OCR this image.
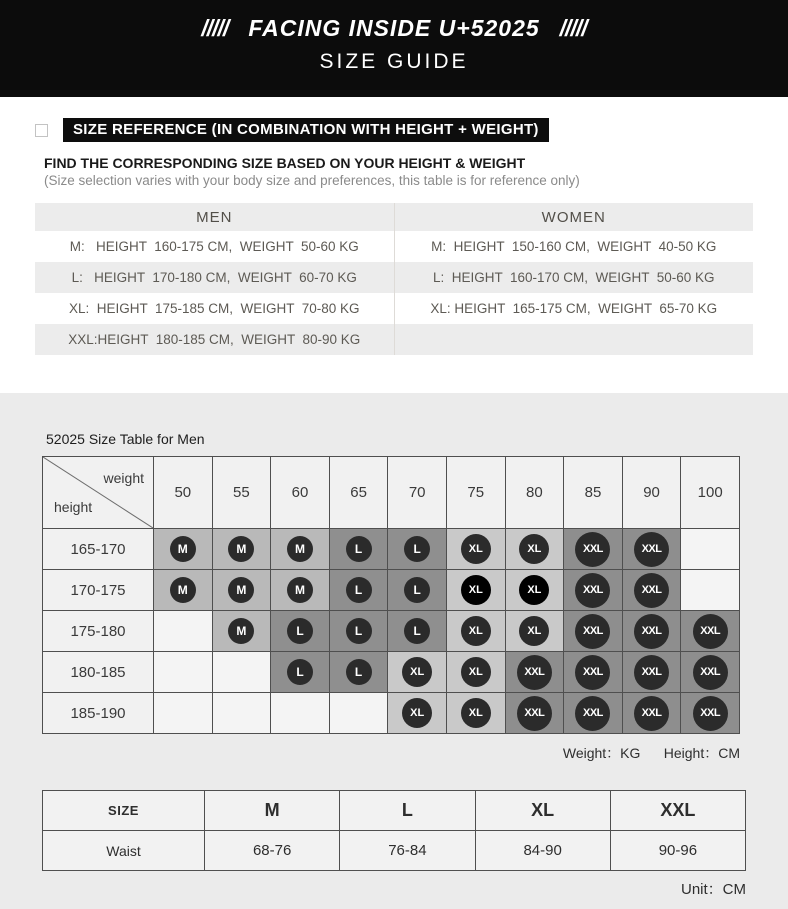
///// FACING INSIDE U+52025 /////
SIZE GUIDE
SIZE REFERENCE (IN COMBINATION WITH HEIGHT + WEIGHT)
FIND THE CORRESPONDING SIZE BASED ON YOUR HEIGHT & WEIGHT
(Size selection varies with your body size and preferences, this table is for reference only)
MEN
M:   HEIGHT  160-175 CM,  WEIGHT  50-60 KG
L:   HEIGHT  170-180 CM,  WEIGHT  60-70 KG
XL:  HEIGHT  175-185 CM,  WEIGHT  70-80 KG
XXL:HEIGHT  180-185 CM,  WEIGHT  80-90 KG
WOMEN
M:  HEIGHT  150-160 CM,  WEIGHT  40-50 KG
L:  HEIGHT  160-170 CM,  WEIGHT  50-60 KG
XL: HEIGHT  165-175 CM,  WEIGHT  65-70 KG
52025 Size Table for Men
weight
height	50	55	60	65	70	75	80	85	90	100
165-170	M	M	M	L	L	XL	XL	XXL	XXL	
170-175	M	M	M	L	L	XL	XL	XXL	XXL	
175-180		M	L	L	L	XL	XL	XXL	XXL	XXL
180-185			L	L	XL	XL	XXL	XXL	XXL	XXL
185-190					XL	XL	XXL	XXL	XXL	XXL
Weight：KG      Height：CM
SIZE	M	L	XL	XXL
Waist	68-76	76-84	84-90	90-96
Unit：CM
